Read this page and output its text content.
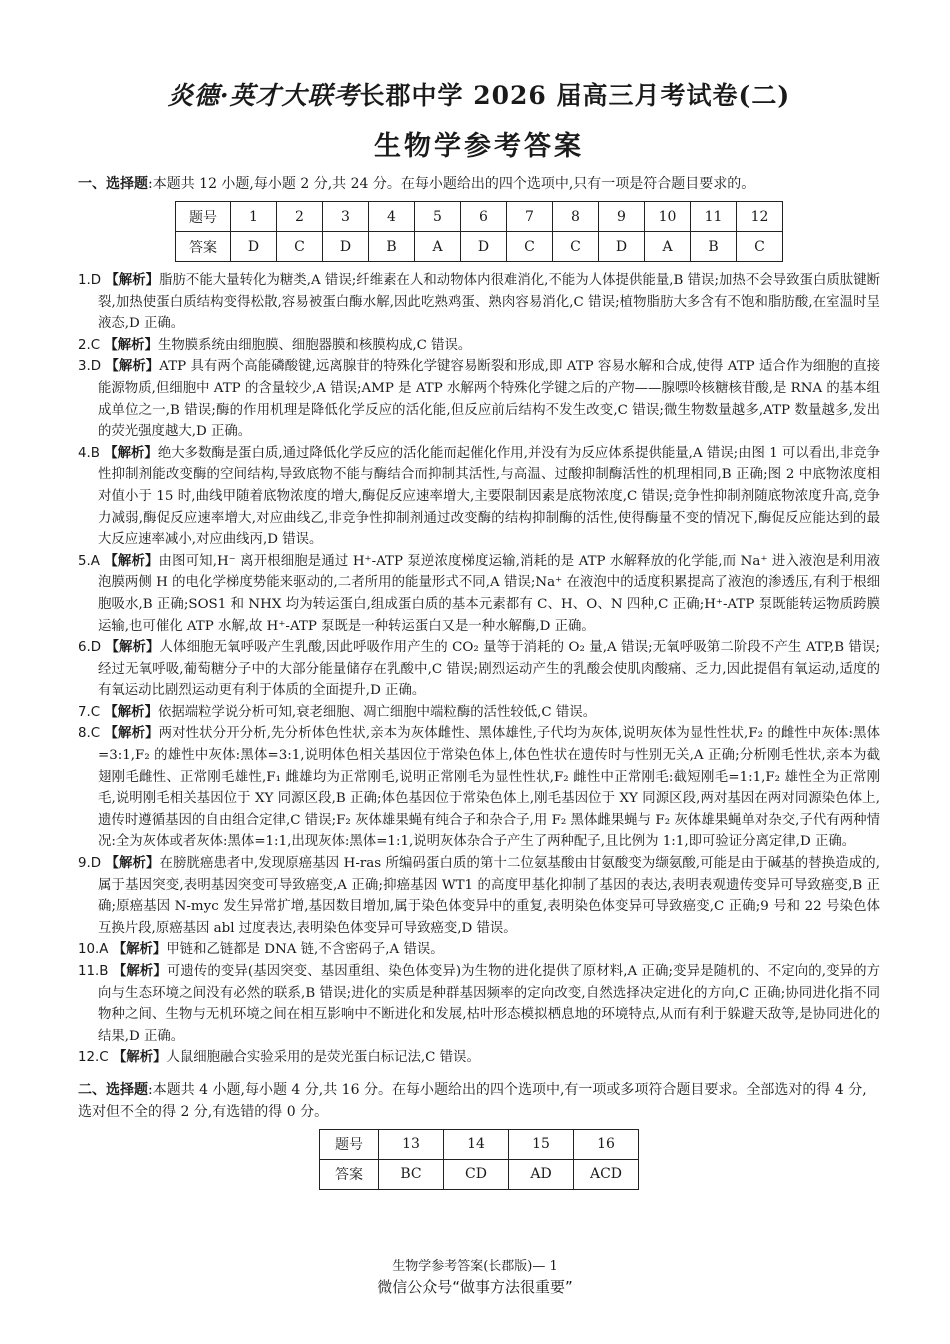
炎德·英才大联考长郡中学 2026 届高三月考试卷(二)
生物学参考答案
一、选择题:本题共 12 小题,每小题 2 分,共 24 分。在每小题给出的四个选项中,只有一项是符合题目要求的。
题号	1	2	3	4	5	6	7	8	9	10	11	12
答案	D	C	D	B	A	D	C	C	D	A	B	C

1.D 【解析】脂肪不能大量转化为糖类,A 错误;纤维素在人和动物体内很难消化,不能为人体提供能量,B 错误;加热不会导致蛋白质肽键断裂,加热使蛋白质结构变得松散,容易被蛋白酶水解,因此吃熟鸡蛋、熟肉容易消化,C 错误;植物脂肪大多含有不饱和脂肪酸,在室温时呈液态,D 正确。

2.C 【解析】生物膜系统由细胞膜、细胞器膜和核膜构成,C 错误。

3.D 【解析】ATP 具有两个高能磷酸键,远离腺苷的特殊化学键容易断裂和形成,即 ATP 容易水解和合成,使得 ATP 适合作为细胞的直接能源物质,但细胞中 ATP 的含量较少,A 错误;AMP 是 ATP 水解两个特殊化学键之后的产物——腺嘌呤核糖核苷酸,是 RNA 的基本组成单位之一,B 错误;酶的作用机理是降低化学反应的活化能,但反应前后结构不发生改变,C 错误;微生物数量越多,ATP 数量越多,发出的荧光强度越大,D 正确。

4.B 【解析】绝大多数酶是蛋白质,通过降低化学反应的活化能而起催化作用,并没有为反应体系提供能量,A 错误;由图 1 可以看出,非竞争性抑制剂能改变酶的空间结构,导致底物不能与酶结合而抑制其活性,与高温、过酸抑制酶活性的机理相同,B 正确;图 2 中底物浓度相对值小于 15 时,曲线甲随着底物浓度的增大,酶促反应速率增大,主要限制因素是底物浓度,C 错误;竞争性抑制剂随底物浓度升高,竞争力减弱,酶促反应速率增大,对应曲线乙,非竞争性抑制剂通过改变酶的结构抑制酶的活性,使得酶量不变的情况下,酶促反应能达到的最大反应速率减小,对应曲线丙,D 错误。

5.A 【解析】由图可知,H⁻ 离开根细胞是通过 H⁺-ATP 泵逆浓度梯度运输,消耗的是 ATP 水解释放的化学能,而 Na⁺ 进入液泡是利用液泡膜两侧 H 的电化学梯度势能来驱动的,二者所用的能量形式不同,A 错误;Na⁺ 在液泡中的适度积累提高了液泡的渗透压,有利于根细胞吸水,B 正确;SOS1 和 NHX 均为转运蛋白,组成蛋白质的基本元素都有 C、H、O、N 四种,C 正确;H⁺-ATP 泵既能转运物质跨膜运输,也可催化 ATP 水解,故 H⁺-ATP 泵既是一种转运蛋白又是一种水解酶,D 正确。

6.D 【解析】人体细胞无氧呼吸产生乳酸,因此呼吸作用产生的 CO₂ 量等于消耗的 O₂ 量,A 错误;无氧呼吸第二阶段不产生 ATP,B 错误;经过无氧呼吸,葡萄糖分子中的大部分能量储存在乳酸中,C 错误;剧烈运动产生的乳酸会使肌肉酸痛、乏力,因此提倡有氧运动,适度的有氧运动比剧烈运动更有利于体质的全面提升,D 正确。

7.C 【解析】依据端粒学说分析可知,衰老细胞、凋亡细胞中端粒酶的活性较低,C 错误。

8.C 【解析】两对性状分开分析,先分析体色性状,亲本为灰体雌性、黑体雄性,子代均为灰体,说明灰体为显性性状,F₂ 的雌性中灰体:黑体=3:1,F₂ 的雄性中灰体:黑体=3:1,说明体色相关基因位于常染色体上,体色性状在遗传时与性别无关,A 正确;分析刚毛性状,亲本为截翅刚毛雌性、正常刚毛雄性,F₁ 雌雄均为正常刚毛,说明正常刚毛为显性性状,F₂ 雌性中正常刚毛:截短刚毛=1:1,F₂ 雄性全为正常刚毛,说明刚毛相关基因位于 XY 同源区段,B 正确;体色基因位于常染色体上,刚毛基因位于 XY 同源区段,两对基因在两对同源染色体上,遗传时遵循基因的自由组合定律,C 错误;F₂ 灰体雄果蝇有纯合子和杂合子,用 F₂ 黑体雌果蝇与 F₂ 灰体雄果蝇单对杂交,子代有两种情况:全为灰体或者灰体:黑体=1:1,出现灰体:黑体=1:1,说明灰体杂合子产生了两种配子,且比例为 1:1,即可验证分离定律,D 正确。

9.D 【解析】在膀胱癌患者中,发现原癌基因 H-ras 所编码蛋白质的第十二位氨基酸由甘氨酸变为缬氨酸,可能是由于碱基的替换造成的,属于基因突变,表明基因突变可导致癌变,A 正确;抑癌基因 WT1 的高度甲基化抑制了基因的表达,表明表观遗传变异可导致癌变,B 正确;原癌基因 N-myc 发生异常扩增,基因数目增加,属于染色体变异中的重复,表明染色体变异可导致癌变,C 正确;9 号和 22 号染色体互换片段,原癌基因 abl 过度表达,表明染色体变异可导致癌变,D 错误。

10.A 【解析】甲链和乙链都是 DNA 链,不含密码子,A 错误。

11.B 【解析】可遗传的变异(基因突变、基因重组、染色体变异)为生物的进化提供了原材料,A 正确;变异是随机的、不定向的,变异的方向与生态环境之间没有必然的联系,B 错误;进化的实质是种群基因频率的定向改变,自然选择决定进化的方向,C 正确;协同进化指不同物种之间、生物与无机环境之间在相互影响中不断进化和发展,枯叶形态模拟栖息地的环境特点,从而有利于躲避天敌等,是协同进化的结果,D 正确。

12.C 【解析】人鼠细胞融合实验采用的是荧光蛋白标记法,C 错误。

二、选择题:本题共 4 小题,每小题 4 分,共 16 分。在每小题给出的四个选项中,有一项或多项符合题目要求。全部选对的得 4 分,选对但不全的得 2 分,有选错的得 0 分。
题号	13	14	15	16
答案	BC	CD	AD	ACD
生物学参考答案(长郡版)— 1
微信公众号“做事方法很重要”
